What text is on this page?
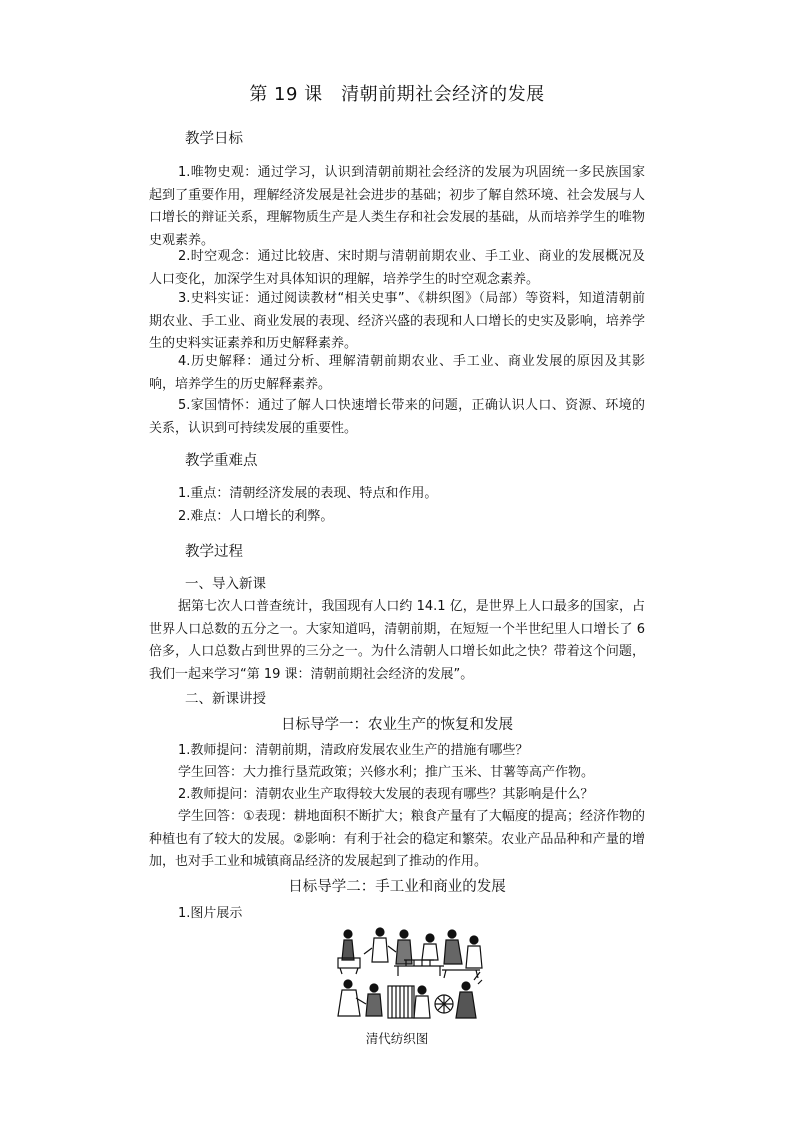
第 19 课　清朝前期社会经济的发展
教学日标

1.唯物史观：通过学习，认识到清朝前期社会经济的发展为巩固统一多民族国家起到了重要作用，理解经济发展是社会进步的基础；初步了解自然环境、社会发展与人口增长的辩证关系，理解物质生产是人类生存和社会发展的基础，从而培养学生的唯物史观素养。

2.时空观念：通过比较唐、宋时期与清朝前期农业、手工业、商业的发展概况及人口变化，加深学生对具体知识的理解，培养学生的时空观念素养。

3.史料实证：通过阅读教材“相关史事”、《耕织图》（局部）等资料，知道清朝前期农业、手工业、商业发展的表现、经济兴盛的表现和人口增长的史实及影响，培养学生的史料实证素养和历史解释素养。

4.历史解释：通过分析、理解清朝前期农业、手工业、商业发展的原因及其影响，培养学生的历史解释素养。

5.家国情怀：通过了解人口快速增长带来的问题，正确认识人口、资源、环境的关系，认识到可持续发展的重要性。

教学重难点
1.重点：清朝经济发展的表现、特点和作用。
2.难点：人口增长的利弊。
教学过程
一、导入新课

据第七次人口普查统计，我国现有人口约 14.1 亿，是世界上人口最多的国家，占世界人口总数的五分之一。大家知道吗，清朝前期，在短短一个半世纪里人口增长了 6 倍多，人口总数占到世界的三分之一。为什么清朝人口增长如此之快？带着这个问题，我们一起来学习“第 19 课：清朝前期社会经济的发展”。

二、新课讲授
日标导学一：农业生产的恢复和发展
1.教师提问：清朝前期，清政府发展农业生产的措施有哪些？
学生回答：大力推行垦荒政策；兴修水利；推广玉米、甘薯等高产作物。
2.教师提问：清朝农业生产取得较大发展的表现有哪些？其影响是什么？

学生回答：①表现：耕地面积不断扩大；粮食产量有了大幅度的提高；经济作物的种植也有了较大的发展。②影响：有利于社会的稳定和繁荣。农业产品品种和产量的增加，也对手工业和城镇商品经济的发展起到了推动的作用。

日标导学二：手工业和商业的发展
1.图片展示
清代纺织图
